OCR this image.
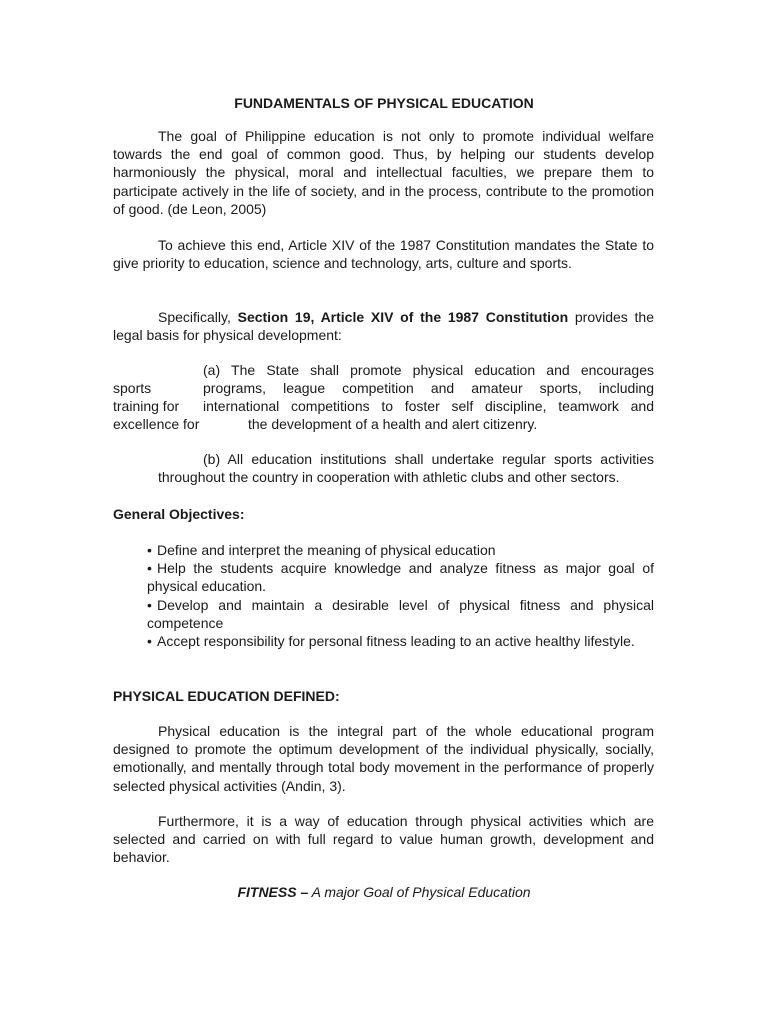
FUNDAMENTALS OF PHYSICAL EDUCATION
The goal of Philippine education is not only to promote individual welfare towards the end goal of common good. Thus, by helping our students develop harmoniously the physical, moral and intellectual faculties, we prepare them to participate actively in the life of society, and in the process, contribute to the promotion of good. (de Leon, 2005)
To achieve this end, Article XIV of the 1987 Constitution mandates the State to give priority to education, science and technology, arts, culture and sports.
Specifically, Section 19, Article XIV of the 1987 Constitution provides the legal basis for physical development:
(a) The State shall promote physical education and encourages
sports	programs, league competition and amateur sports, including
training for international competitions to foster self discipline, teamwork and
excellence for	the development of a health and alert citizenry.
(b) All education institutions shall undertake regular sports activities throughout the country in cooperation with athletic clubs and other sectors.
General Objectives:
• Define and interpret the meaning of physical education
• Help the students acquire knowledge and analyze fitness as major goal of physical education.
• Develop and maintain a desirable level of physical fitness and physical competence
• Accept responsibility for personal fitness leading to an active healthy lifestyle.
PHYSICAL EDUCATION DEFINED:
Physical education is the integral part of the whole educational program designed to promote the optimum development of the individual physically, socially, emotionally, and mentally through total body movement in the performance of properly selected physical activities (Andin, 3).
Furthermore, it is a way of education through physical activities which are selected and carried on with full regard to value human growth, development and behavior.
FITNESS – A major Goal of Physical Education
